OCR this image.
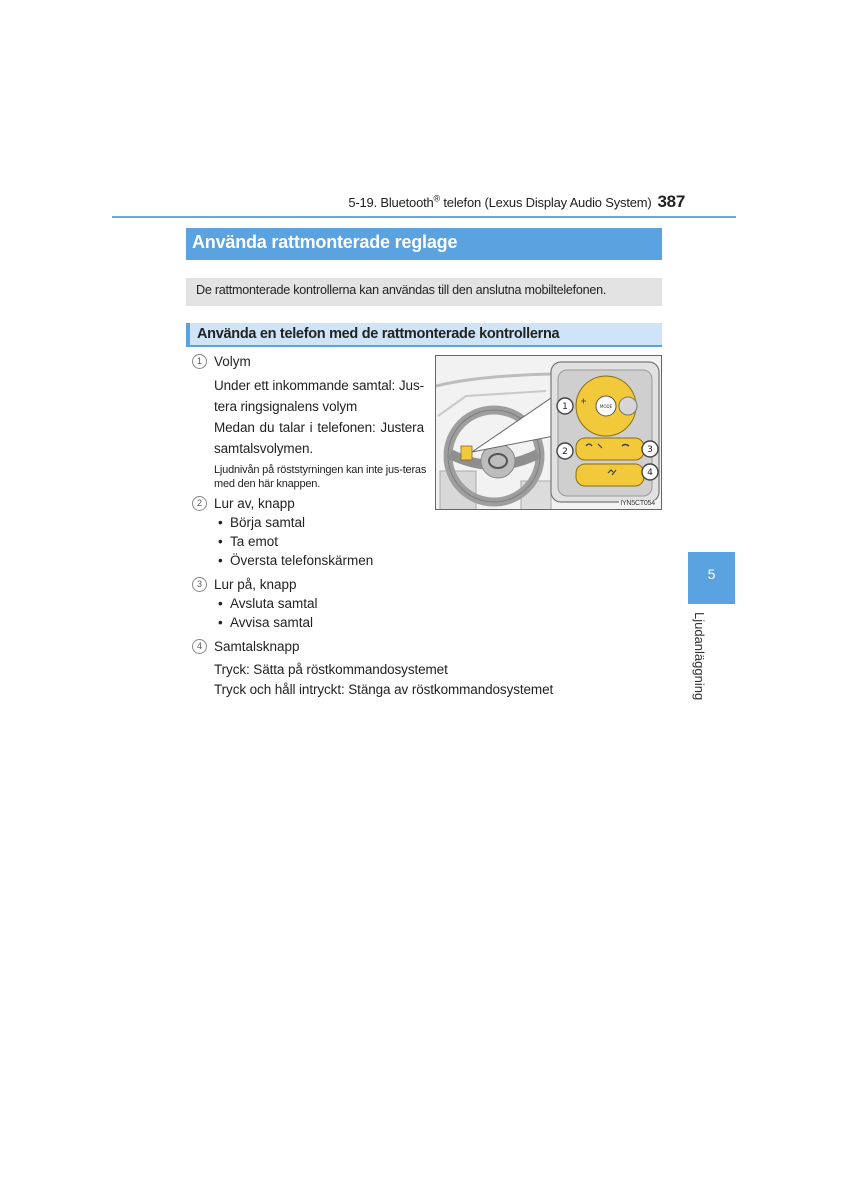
5-19. Bluetooth® telefon (Lexus Display Audio System) 387
Använda rattmonterade reglage
De rattmonterade kontrollerna kan användas till den anslutna mobiltelefonen.
Använda en telefon med de rattmonterade kontrollerna
1 Volym
Under ett inkommande samtal: Jus-tera ringsignalens volym
Medan du talar i telefonen: Justera samtalsvolymen.
Ljudnivån på röststyrningen kan inte jus-teras med den här knappen.
2 Lur av, knapp
• Börja samtal
• Ta emot
• Översta telefonskärmen
3 Lur på, knapp
• Avsluta samtal
• Avvisa samtal
4 Samtalsknapp
Tryck: Sätta på röstkommandosystemet
Tryck och håll intryckt: Stänga av röstkommandosystemet
MODE
1
2	3
4
IYN5CT054
5
Ljudanläggning
